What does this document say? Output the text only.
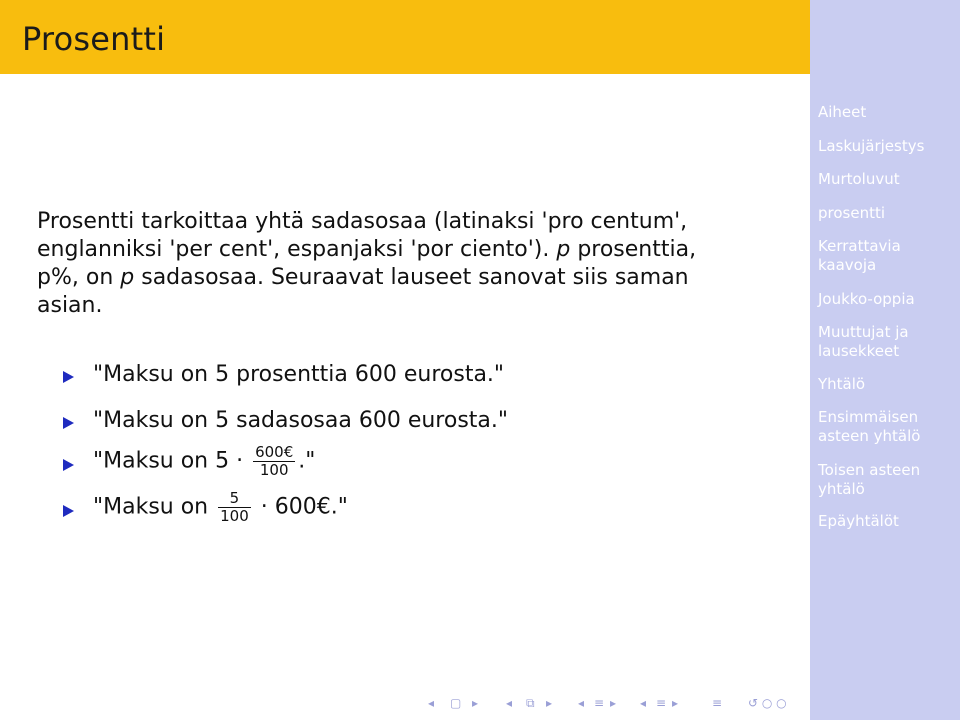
Prosentti
Aiheet
Laskujärjestys
Murtoluvut
prosentti
Kerrattavia kaavoja
Joukko-oppia
Muuttujat ja lausekkeet
Yhtälö
Ensimmäisen asteen yhtälö
Toisen asteen yhtälö
Epäyhtälöt

Prosentti tarkoittaa yhtä sadasosaa (latinaksi 'pro centum',

englanniksi 'per cent', espanjaksi 'por ciento'). p prosenttia,

p%, on p sadasosaa. Seuraavat lauseet sanovat siis saman

asian.

"Maksu on 5 prosenttia 600 eurosta."
"Maksu on 5 sadasosaa 600 eurosta."
"Maksu on $5 \cdot \frac{600€}{100}$ ."
"Maksu on $\frac{5}{100}$ · 600€."
◂ ▢ ▸ ◂ ⧉ ▸ ◂ ≡ ▸ ◂ ≡ ▸	≡ ↺ ○ ○
